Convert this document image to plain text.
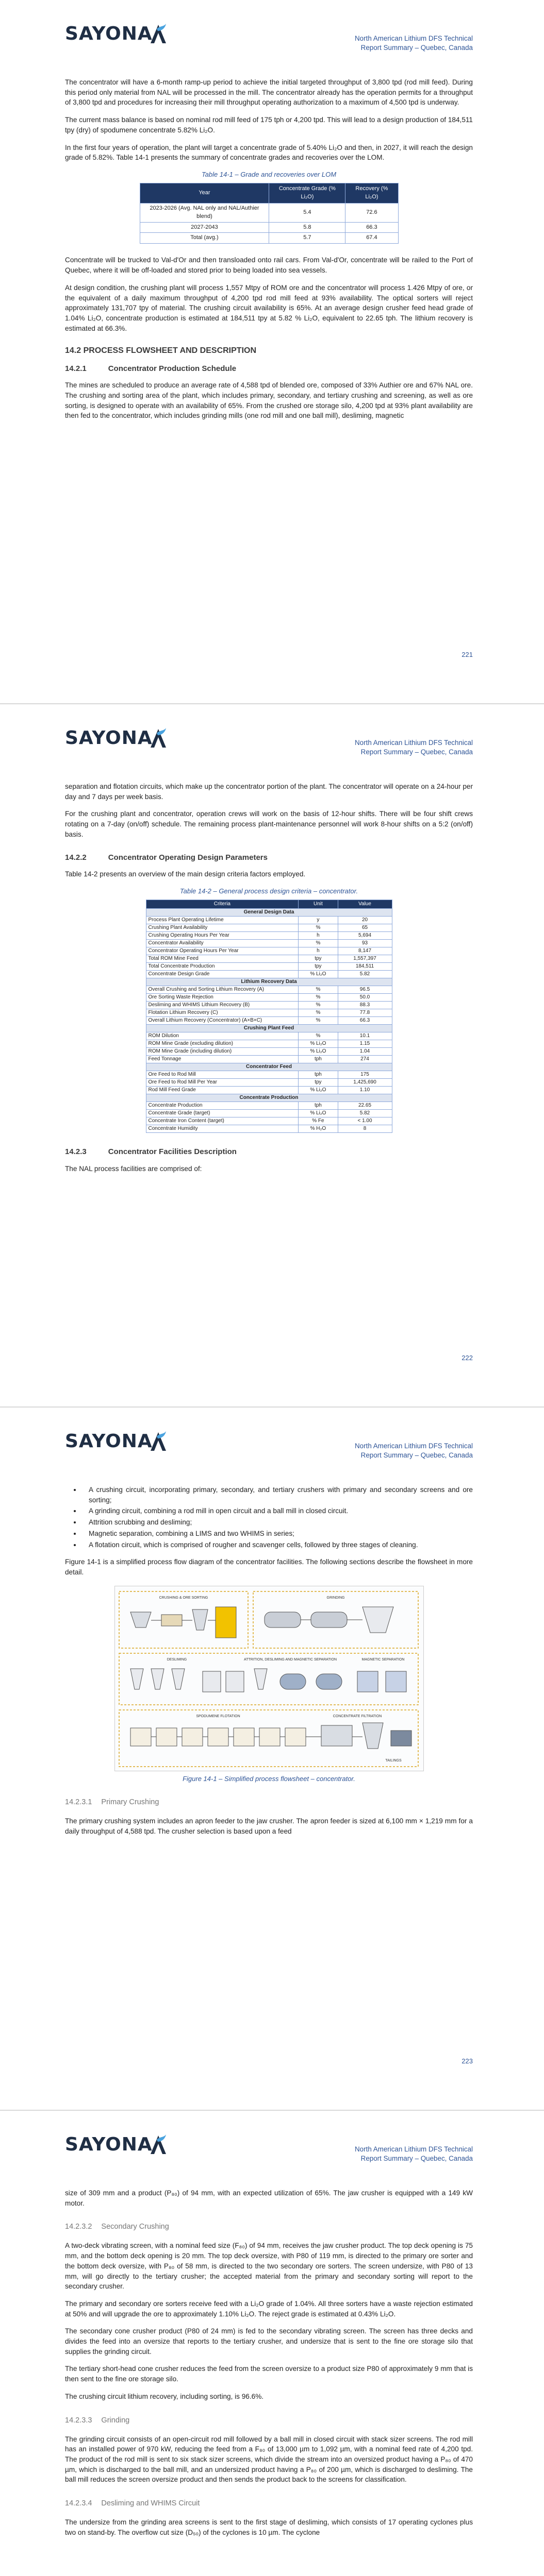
SAYONA	North American Lithium DFS Technical
Report Summary – Quebec, Canada

The concentrator will have a 6-month ramp-up period to achieve the initial targeted throughput of 3,800 tpd (rod mill feed). During this period only material from NAL will be processed in the mill. The concentrator already has the operation permits for a throughput of 3,800 tpd and procedures for increasing their mill throughput operating authorization to a maximum of 4,500 tpd is underway.

The current mass balance is based on nominal rod mill feed of 175 tph or 4,200 tpd. This will lead to a design production of 184,511 tpy (dry) of spodumene concentrate 5.82% Li₂O.

In the first four years of operation, the plant will target a concentrate grade of 5.40% Li₂O and then, in 2027, it will reach the design grade of 5.82%. Table 14-1 presents the summary of concentrate grades and recoveries over the LOM.

Table 14-1 – Grade and recoveries over LOM
Year	Concentrate Grade (% Li₂O)	Recovery (% Li₂O)
2023-2026 (Avg. NAL only and NAL/Authier blend)	5.4	72.6
2027-2043	5.8	66.3
Total (avg.)	5.7	67.4

Concentrate will be trucked to Val-d'Or and then transloaded onto rail cars. From Val-d'Or, concentrate will be railed to the Port of Quebec, where it will be off-loaded and stored prior to being loaded into sea vessels.

At design condition, the crushing plant will process 1,557 Mtpy of ROM ore and the concentrator will process 1.426 Mtpy of ore, or the equivalent of a daily maximum throughput of 4,200 tpd rod mill feed at 93% availability. The optical sorters will reject approximately 131,707 tpy of material. The crushing circuit availability is 65%. At an average design crusher feed head grade of 1.04% Li₂O, concentrate production is estimated at 184,511 tpy at 5.82 % Li₂O, equivalent to 22.65 tph. The lithium recovery is estimated at 66.3%.

14.2 PROCESS FLOWSHEET AND DESCRIPTION
14.2.1	Concentrator Production Schedule

The mines are scheduled to produce an average rate of 4,588 tpd of blended ore, composed of 33% Authier ore and 67% NAL ore. The crushing and sorting area of the plant, which includes primary, secondary, and tertiary crushing and screening, as well as ore sorting, is designed to operate with an availability of 65%. From the crushed ore storage silo, 4,200 tpd at 93% plant availability are then fed to the concentrator, which includes grinding mills (one rod mill and one ball mill), desliming, magnetic

221
SAYONA	North American Lithium DFS Technical
Report Summary – Quebec, Canada

separation and flotation circuits, which make up the concentrator portion of the plant. The concentrator will operate on a 24-hour per day and 7 days per week basis.

For the crushing plant and concentrator, operation crews will work on the basis of 12-hour shifts. There will be four shift crews rotating on a 7-day (on/off) schedule. The remaining process plant-maintenance personnel will work 8-hour shifts on a 5:2 (on/off) basis.

14.2.2	Concentrator Operating Design Parameters

Table 14-2 presents an overview of the main design criteria factors employed.

Table 14-2 – General process design criteria – concentrator.
Criteria	Unit	Value
General Design Data		
Process Plant Operating Lifetime	y	20
Crushing Plant Availability	%	65
Crushing Operating Hours Per Year	h	5,694
Concentrator Availability	%	93
Concentrator Operating Hours Per Year	h	8,147
Total ROM Mine Feed	tpy	1,557,397
Total Concentrate Production	tpy	184,511
Concentrate Design Grade	% Li₂O	5.82
Lithium Recovery Data		
Overall Crushing and Sorting Lithium Recovery (A)	%	96.5
Ore Sorting Waste Rejection	%	50.0
Desliming and WHIMS Lithium Recovery (B)	%	88.3
Flotation Lithium Recovery (C)	%	77.8
Overall Lithium Recovery (Concentrator) (A×B×C)	%	66.3
Crushing Plant Feed		
ROM Dilution	%	10.1
ROM Mine Grade (excluding dilution)	% Li₂O	1.15
ROM Mine Grade (including dilution)	% Li₂O	1.04
Feed Tonnage	tph	274
Concentrator Feed		
Ore Feed to Rod Mill	tph	175
Ore Feed to Rod Mill Per Year	tpy	1,425,690
Rod Mill Feed Grade	% Li₂O	1.10
Concentrate Production		
Concentrate Production	tph	22.65
Concentrate Grade (target)	% Li₂O	5.82
Concentrate Iron Content (target)	% Fe	< 1.00
Concentrate Humidity	% H₂O	8
14.2.3	Concentrator Facilities Description

The NAL process facilities are comprised of:

222
SAYONA	North American Lithium DFS Technical
Report Summary – Quebec, Canada
• A crushing circuit, incorporating primary, secondary, and tertiary crushers with primary and secondary screens and ore sorting;
• A grinding circuit, combining a rod mill in open circuit and a ball mill in closed circuit.
• Attrition scrubbing and desliming;
• Magnetic separation, combining a LIMS and two WHIMS in series;
• A flotation circuit, which is comprised of rougher and scavenger cells, followed by three stages of cleaning.

Figure 14-1 is a simplified process flow diagram of the concentrator facilities. The following sections describe the flowsheet in more detail.

CRUSHING & ORE SORTING	GRINDING
DESLIMING	ATTRITION, DESLIMING AND MAGNETIC SEPARATION	MAGNETIC SEPARATION
SPODUMENE FLOTATION	CONCENTRATE FILTRATION
TAILINGS
Figure 14-1 – Simplified process flowsheet – concentrator.
14.2.3.1 Primary Crushing

The primary crushing system includes an apron feeder to the jaw crusher. The apron feeder is sized at 6,100 mm × 1,219 mm for a daily throughput of 4,588 tpd. The crusher selection is based upon a feed

223
SAYONA	North American Lithium DFS Technical
Report Summary – Quebec, Canada

size of 309 mm and a product (P₈₀) of 94 mm, with an expected utilization of 65%. The jaw crusher is equipped with a 149 kW motor.

14.2.3.2 Secondary Crushing

A two-deck vibrating screen, with a nominal feed size (F₈₀) of 94 mm, receives the jaw crusher product. The top deck opening is 75 mm, and the bottom deck opening is 20 mm. The top deck oversize, with P80 of 119 mm, is directed to the primary ore sorter and the bottom deck oversize, with P₈₀ of 58 mm, is directed to the two secondary ore sorters. The screen undersize, with P80 of 13 mm, will go directly to the tertiary crusher; the accepted material from the primary and secondary sorting will report to the secondary crusher.

The primary and secondary ore sorters receive feed with a Li₂O grade of 1.04%. All three sorters have a waste rejection estimated at 50% and will upgrade the ore to approximately 1.10% Li₂O. The reject grade is estimated at 0.43% Li₂O.

The secondary cone crusher product (P80 of 24 mm) is fed to the secondary vibrating screen. The screen has three decks and divides the feed into an oversize that reports to the tertiary crusher, and undersize that is sent to the fine ore storage silo that supplies the grinding circuit.

The tertiary short-head cone crusher reduces the feed from the screen oversize to a product size P80 of approximately 9 mm that is then sent to the fine ore storage silo.

The crushing circuit lithium recovery, including sorting, is 96.6%.

14.2.3.3 Grinding

The grinding circuit consists of an open-circuit rod mill followed by a ball mill in closed circuit with stack sizer screens. The rod mill has an installed power of 970 kW, reducing the feed from a F₈₀ of 13,000 µm to 1,092 µm, with a nominal feed rate of 4,200 tpd. The product of the rod mill is sent to six stack sizer screens, which divide the stream into an oversized product having a P₈₀ of 470 µm, which is discharged to the ball mill, and an undersized product having a P₈₀ of 200 µm, which is discharged to desliming. The ball mill reduces the screen oversize product and then sends the product back to the screens for classification.

14.2.3.4 Desliming and WHIMS Circuit

The undersize from the grinding area screens is sent to the first stage of desliming, which consists of 17 operating cyclones plus two on stand-by. The overflow cut size (D₅₀) of the cyclones is 10 µm. The cyclone
